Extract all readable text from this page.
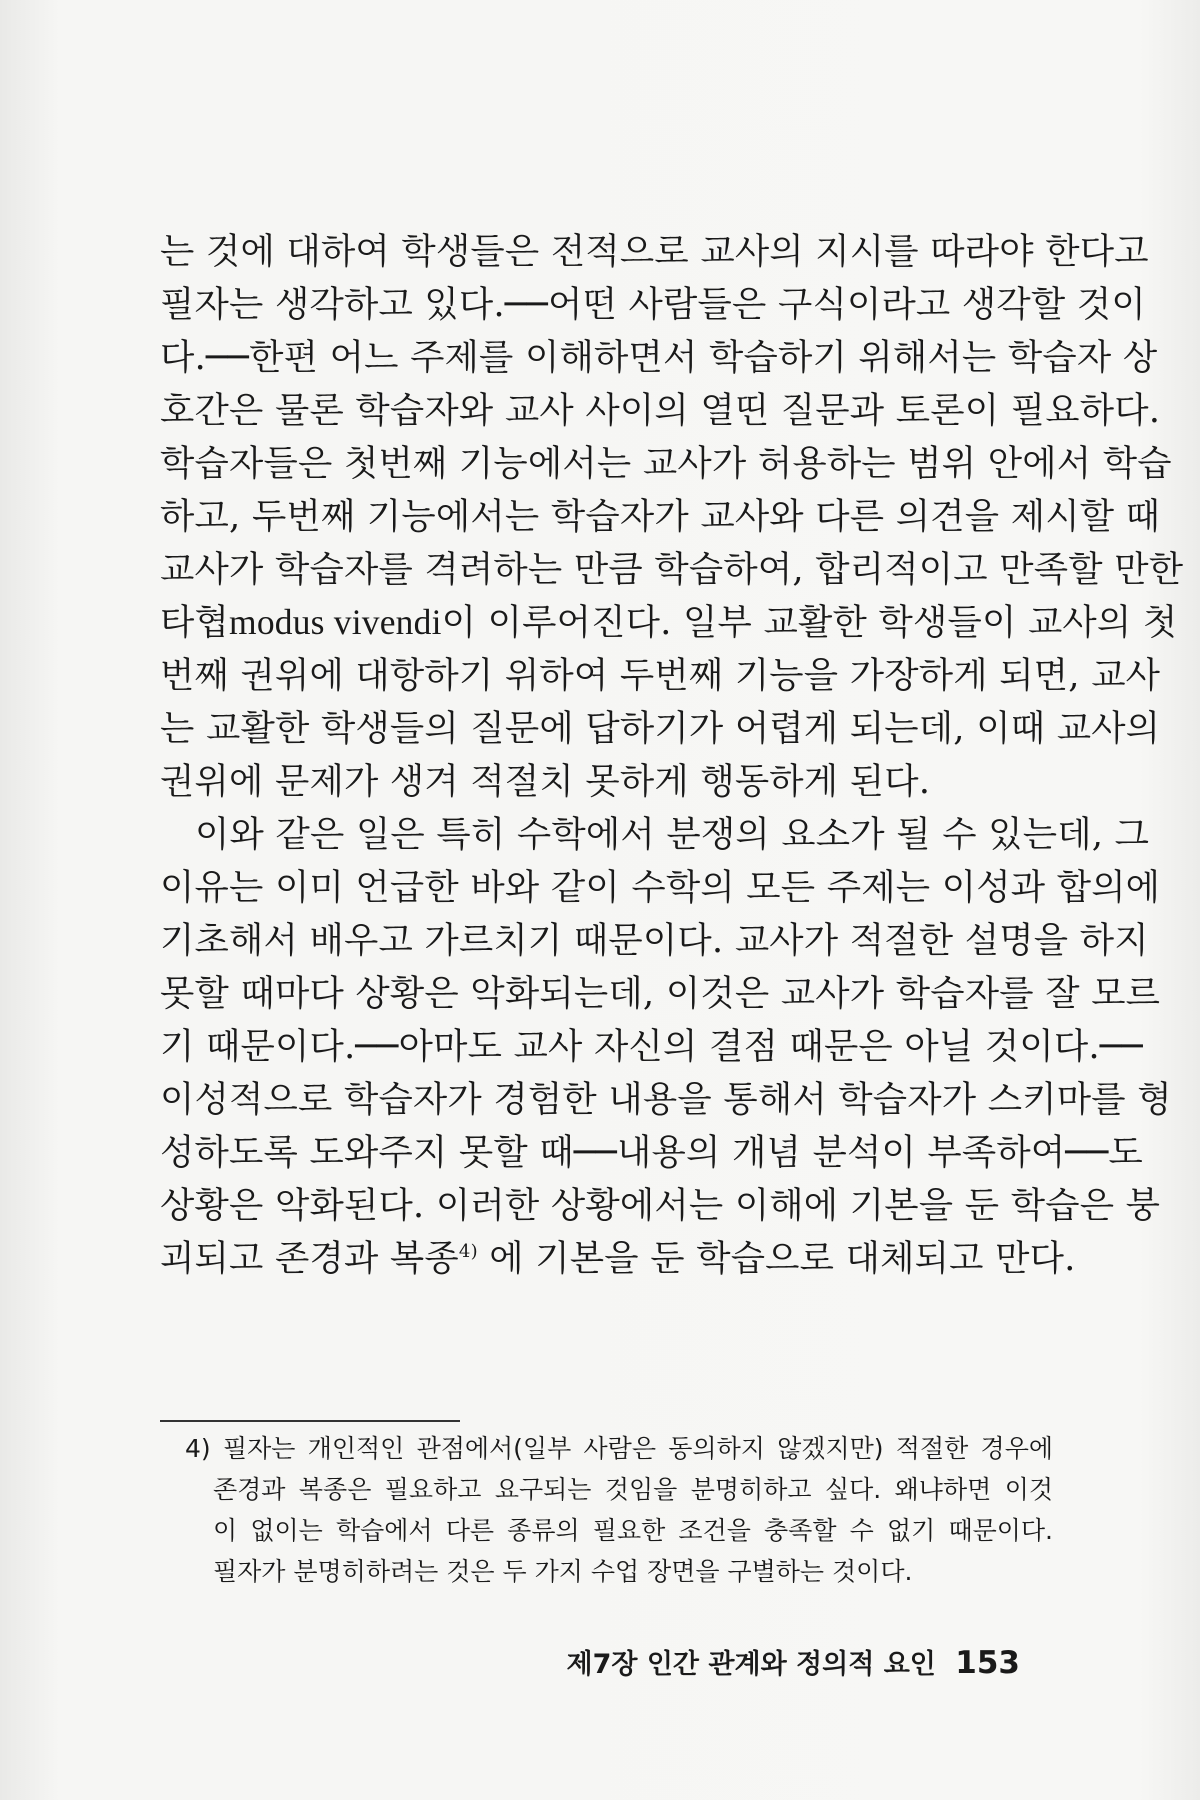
는 것에 대하여 학생들은 전적으로 교사의 지시를 따라야 한다고
필자는 생각하고 있다.──어떤 사람들은 구식이라고 생각할 것이
다.──한편 어느 주제를 이해하면서 학습하기 위해서는 학습자 상
호간은 물론 학습자와 교사 사이의 열띤 질문과 토론이 필요하다.
학습자들은 첫번째 기능에서는 교사가 허용하는 범위 안에서 학습
하고, 두번째 기능에서는 학습자가 교사와 다른 의견을 제시할 때
교사가 학습자를 격려하는 만큼 학습하여, 합리적이고 만족할 만한
타협modus vivendi이 이루어진다. 일부 교활한 학생들이 교사의 첫
번째 권위에 대항하기 위하여 두번째 기능을 가장하게 되면, 교사
는 교활한 학생들의 질문에 답하기가 어렵게 되는데, 이때 교사의
권위에 문제가 생겨 적절치 못하게 행동하게 된다.
이와 같은 일은 특히 수학에서 분쟁의 요소가 될 수 있는데, 그
이유는 이미 언급한 바와 같이 수학의 모든 주제는 이성과 합의에
기초해서 배우고 가르치기 때문이다. 교사가 적절한 설명을 하지
못할 때마다 상황은 악화되는데, 이것은 교사가 학습자를 잘 모르
기 때문이다.──아마도 교사 자신의 결점 때문은 아닐 것이다.──
이성적으로 학습자가 경험한 내용을 통해서 학습자가 스키마를 형
성하도록 도와주지 못할 때──내용의 개념 분석이 부족하여──도
상황은 악화된다. 이러한 상황에서는 이해에 기본을 둔 학습은 붕
괴되고 존경과 복종$^{4)}$ 에 기본을 둔 학습으로 대체되고 만다.
4) 필자는 개인적인 관점에서(일부 사람은 동의하지 않겠지만) 적절한 경우에
존경과 복종은 필요하고 요구되는 것임을 분명히하고 싶다. 왜냐하면 이것
이 없이는 학습에서 다른 종류의 필요한 조건을 충족할 수 없기 때문이다.
필자가 분명히하려는 것은 두 가지 수업 장면을 구별하는 것이다.
제7장 인간 관계와 정의적 요인 153
